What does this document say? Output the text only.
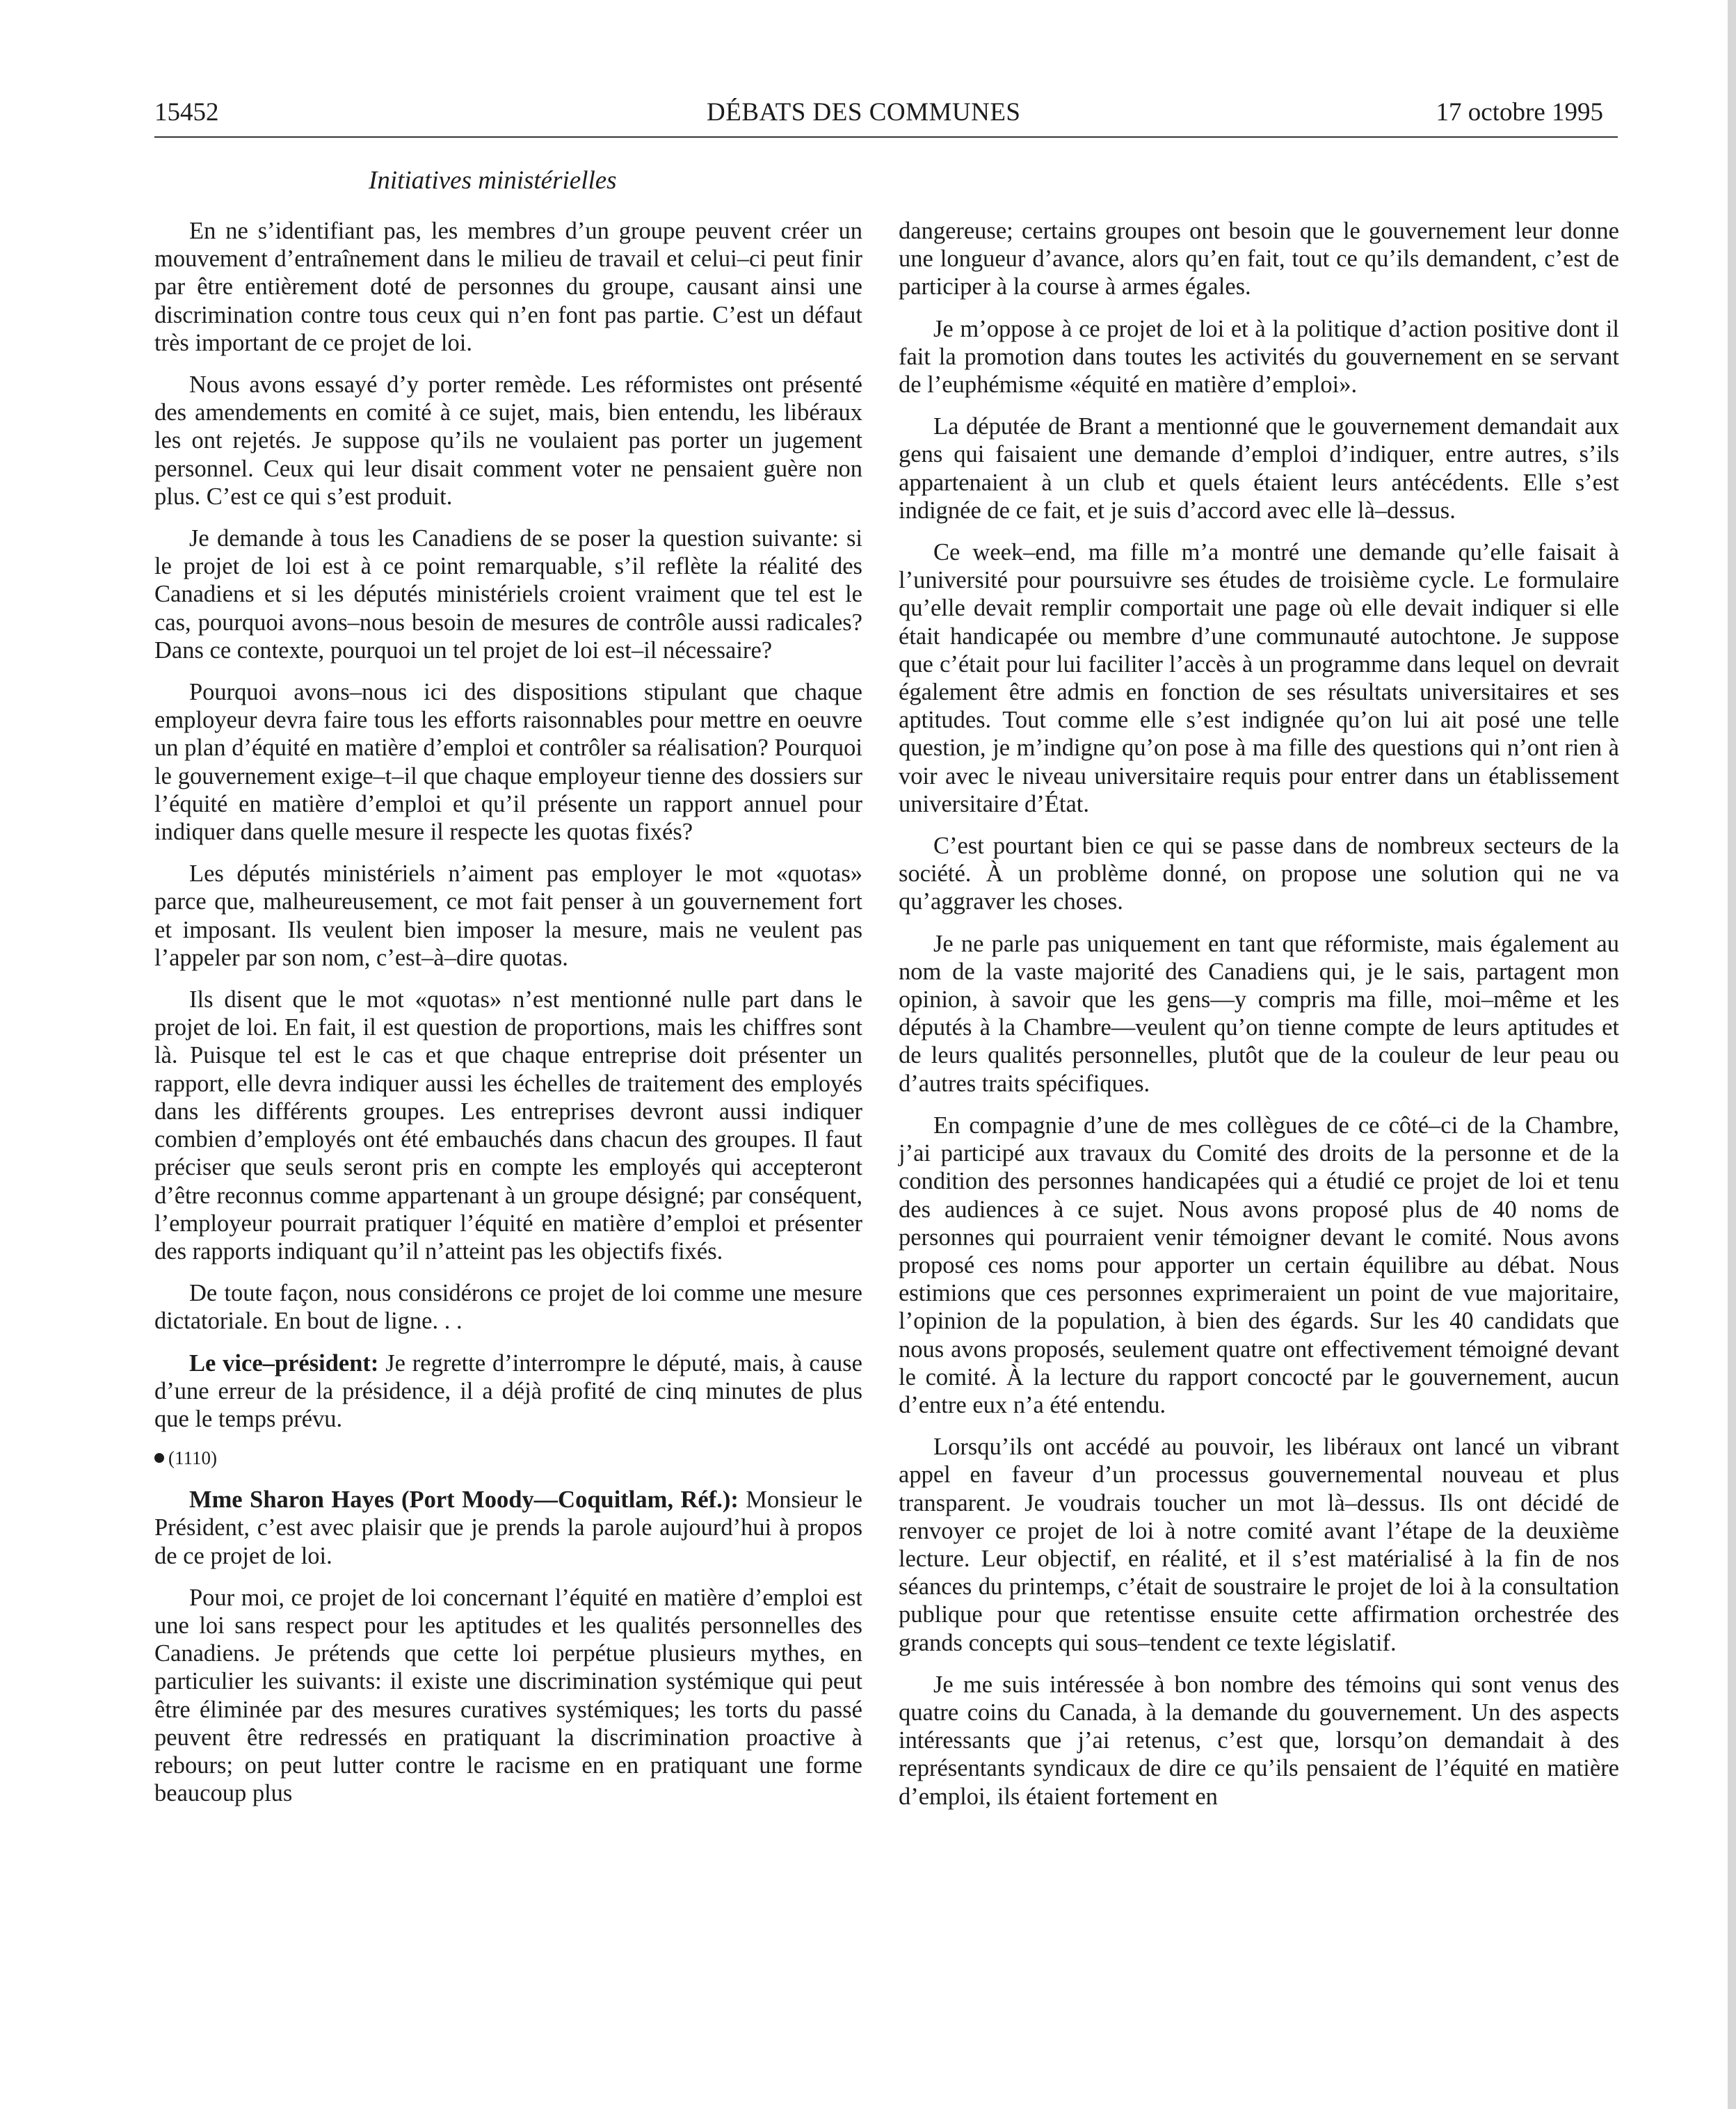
15452	DÉBATS DES COMMUNES	17 octobre 1995
Initiatives ministérielles

En ne s’identifiant pas, les membres d’un groupe peuvent créer un mouvement d’entraînement dans le milieu de travail et celui–ci peut finir par être entièrement doté de personnes du groupe, causant ainsi une discrimination contre tous ceux qui n’en font pas partie. C’est un défaut très important de ce projet de loi.

Nous avons essayé d’y porter remède. Les réformistes ont présenté des amendements en comité à ce sujet, mais, bien entendu, les libéraux les ont rejetés. Je suppose qu’ils ne voulaient pas porter un jugement personnel. Ceux qui leur disait comment voter ne pensaient guère non plus. C’est ce qui s’est produit.

Je demande à tous les Canadiens de se poser la question suivante: si le projet de loi est à ce point remarquable, s’il reflète la réalité des Canadiens et si les députés ministériels croient vraiment que tel est le cas, pourquoi avons–nous besoin de mesures de contrôle aussi radicales? Dans ce contexte, pourquoi un tel projet de loi est–il nécessaire?

Pourquoi avons–nous ici des dispositions stipulant que chaque employeur devra faire tous les efforts raisonnables pour mettre en oeuvre un plan d’équité en matière d’emploi et contrôler sa réalisation? Pourquoi le gouvernement exige–t–il que chaque employeur tienne des dossiers sur l’équité en matière d’emploi et qu’il présente un rapport annuel pour indiquer dans quelle mesure il respecte les quotas fixés?

Les députés ministériels n’aiment pas employer le mot «quotas» parce que, malheureusement, ce mot fait penser à un gouvernement fort et imposant. Ils veulent bien imposer la mesure, mais ne veulent pas l’appeler par son nom, c’est–à–dire quotas.

Ils disent que le mot «quotas» n’est mentionné nulle part dans le projet de loi. En fait, il est question de proportions, mais les chiffres sont là. Puisque tel est le cas et que chaque entreprise doit présenter un rapport, elle devra indiquer aussi les échelles de traitement des employés dans les différents groupes. Les entreprises devront aussi indiquer combien d’employés ont été embauchés dans chacun des groupes. Il faut préciser que seuls seront pris en compte les employés qui accepteront d’être reconnus comme appartenant à un groupe désigné; par conséquent, l’employeur pourrait pratiquer l’équité en matière d’emploi et présenter des rapports indiquant qu’il n’atteint pas les objectifs fixés.

De toute façon, nous considérons ce projet de loi comme une mesure dictatoriale. En bout de ligne. . .

Le vice–président: Je regrette d’interrompre le député, mais, à cause d’une erreur de la présidence, il a déjà profité de cinq minutes de plus que le temps prévu.

(1110)

Mme Sharon Hayes (Port Moody—Coquitlam, Réf.): Monsieur le Président, c’est avec plaisir que je prends la parole aujourd’hui à propos de ce projet de loi.

Pour moi, ce projet de loi concernant l’équité en matière d’emploi est une loi sans respect pour les aptitudes et les qualités personnelles des Canadiens. Je prétends que cette loi perpétue plusieurs mythes, en particulier les suivants: il existe une discrimination systémique qui peut être éliminée par des mesures curatives systémiques; les torts du passé peuvent être redressés en pratiquant la discrimination proactive à rebours; on peut lutter contre le racisme en en pratiquant une forme beaucoup plus

dangereuse; certains groupes ont besoin que le gouvernement leur donne une longueur d’avance, alors qu’en fait, tout ce qu’ils demandent, c’est de participer à la course à armes égales.

Je m’oppose à ce projet de loi et à la politique d’action positive dont il fait la promotion dans toutes les activités du gouvernement en se servant de l’euphémisme «équité en matière d’emploi».

La députée de Brant a mentionné que le gouvernement demandait aux gens qui faisaient une demande d’emploi d’indiquer, entre autres, s’ils appartenaient à un club et quels étaient leurs antécédents. Elle s’est indignée de ce fait, et je suis d’accord avec elle là–dessus.

Ce week–end, ma fille m’a montré une demande qu’elle faisait à l’université pour poursuivre ses études de troisième cycle. Le formulaire qu’elle devait remplir comportait une page où elle devait indiquer si elle était handicapée ou membre d’une communauté autochtone. Je suppose que c’était pour lui faciliter l’accès à un programme dans lequel on devrait également être admis en fonction de ses résultats universitaires et ses aptitudes. Tout comme elle s’est indignée qu’on lui ait posé une telle question, je m’indigne qu’on pose à ma fille des questions qui n’ont rien à voir avec le niveau universitaire requis pour entrer dans un établissement universitaire d’État.

C’est pourtant bien ce qui se passe dans de nombreux secteurs de la société. À un problème donné, on propose une solution qui ne va qu’aggraver les choses.

Je ne parle pas uniquement en tant que réformiste, mais également au nom de la vaste majorité des Canadiens qui, je le sais, partagent mon opinion, à savoir que les gens—y compris ma fille, moi–même et les députés à la Chambre—veulent qu’on tienne compte de leurs aptitudes et de leurs qualités personnelles, plutôt que de la couleur de leur peau ou d’autres traits spécifiques.

En compagnie d’une de mes collègues de ce côté–ci de la Chambre, j’ai participé aux travaux du Comité des droits de la personne et de la condition des personnes handicapées qui a étudié ce projet de loi et tenu des audiences à ce sujet. Nous avons proposé plus de 40 noms de personnes qui pourraient venir témoigner devant le comité. Nous avons proposé ces noms pour apporter un certain équilibre au débat. Nous estimions que ces personnes exprimeraient un point de vue majoritaire, l’opinion de la population, à bien des égards. Sur les 40 candidats que nous avons proposés, seulement quatre ont effectivement témoigné devant le comité. À la lecture du rapport concocté par le gouvernement, aucun d’entre eux n’a été entendu.

Lorsqu’ils ont accédé au pouvoir, les libéraux ont lancé un vibrant appel en faveur d’un processus gouvernemental nouveau et plus transparent. Je voudrais toucher un mot là–dessus. Ils ont décidé de renvoyer ce projet de loi à notre comité avant l’étape de la deuxième lecture. Leur objectif, en réalité, et il s’est matérialisé à la fin de nos séances du printemps, c’était de soustraire le projet de loi à la consultation publique pour que retentisse ensuite cette affirmation orchestrée des grands concepts qui sous–tendent ce texte législatif.

Je me suis intéressée à bon nombre des témoins qui sont venus des quatre coins du Canada, à la demande du gouvernement. Un des aspects intéressants que j’ai retenus, c’est que, lorsqu’on demandait à des représentants syndicaux de dire ce qu’ils pensaient de l’équité en matière d’emploi, ils étaient fortement en
